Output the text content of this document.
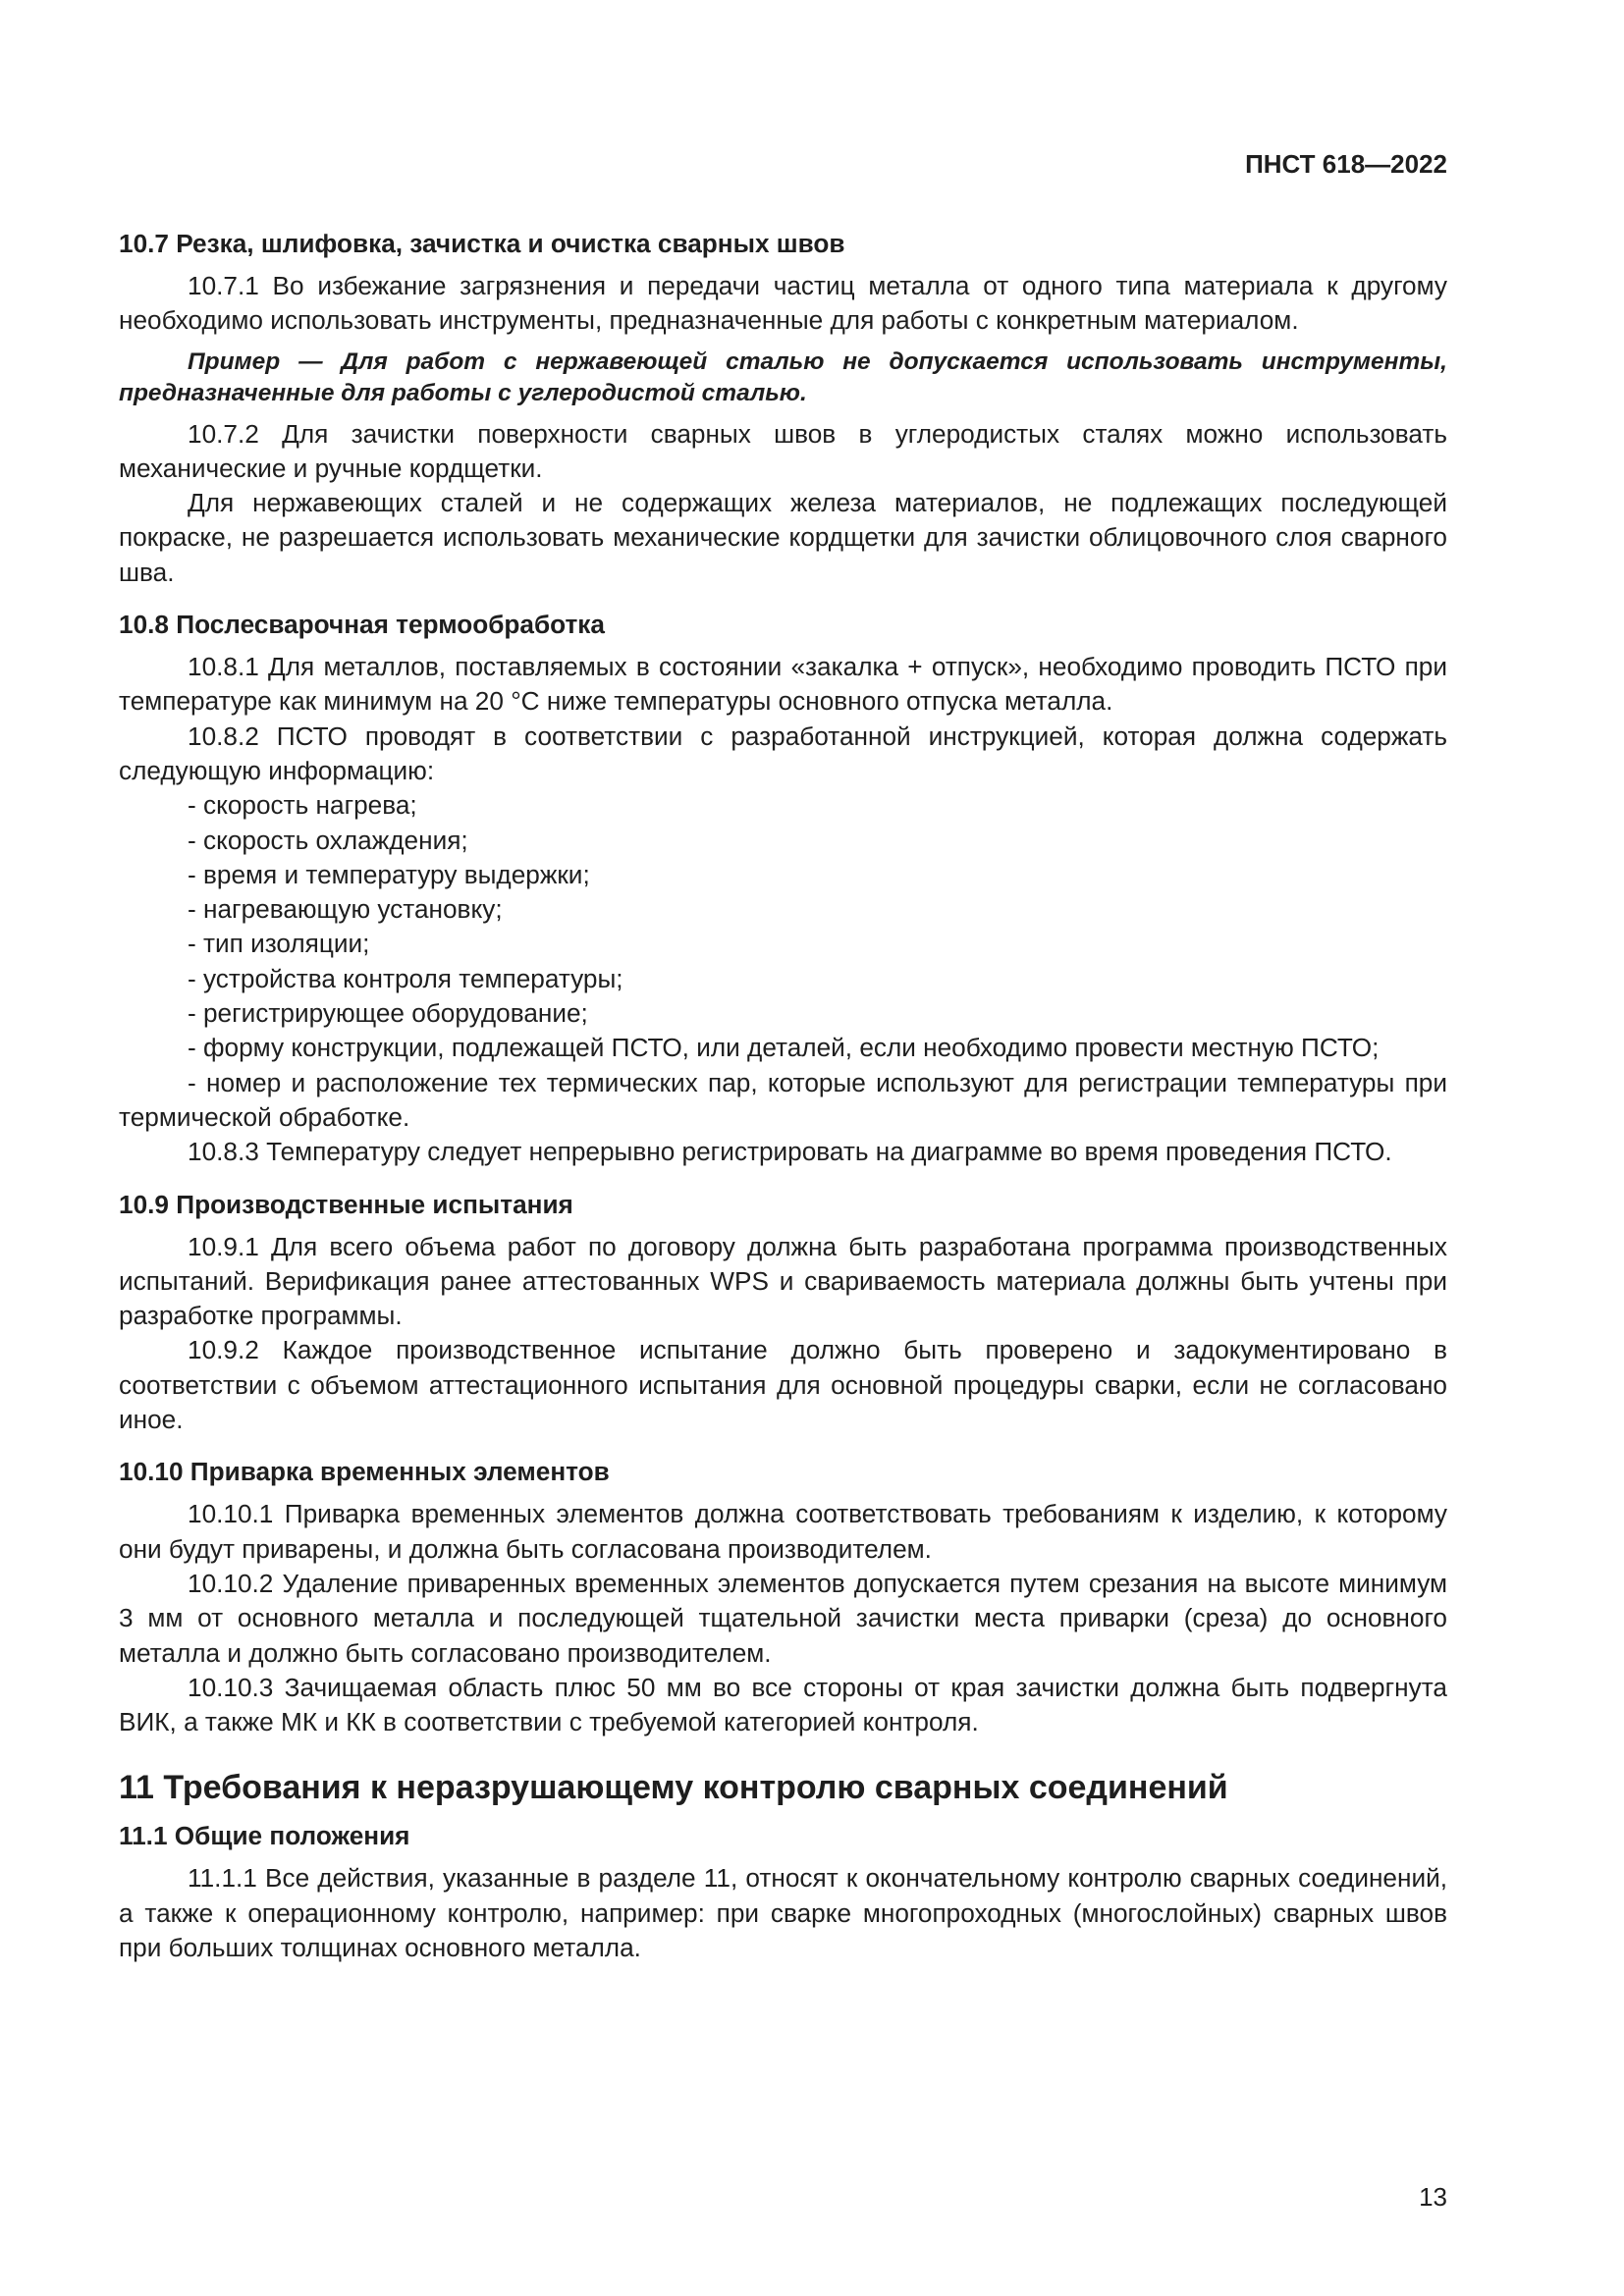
ПНСТ 618—2022

10.7 Резка, шлифовка, зачистка и очистка сварных швов

10.7.1 Во избежание загрязнения и передачи частиц металла от одного типа материала к другому необходимо использовать инструменты, предназначенные для работы с конкретным материалом.

Пример — Для работ с нержавеющей сталью не допускается использовать инструменты, предназначенные для работы с углеродистой сталью.

10.7.2 Для зачистки поверхности сварных швов в углеродистых сталях можно использовать механические и ручные кордщетки.

Для нержавеющих сталей и не содержащих железа материалов, не подлежащих последующей покраске, не разрешается использовать механические кордщетки для зачистки облицовочного слоя сварного шва.

10.8 Послесварочная термообработка

10.8.1 Для металлов, поставляемых в состоянии «закалка + отпуск», необходимо проводить ПСТО при температуре как минимум на 20 °С ниже температуры основного отпуска металла.

10.8.2 ПСТО проводят в соответствии с разработанной инструкцией, которая должна содержать следующую информацию:

- скорость нагрева;
- скорость охлаждения;
- время и температуру выдержки;
- нагревающую установку;
- тип изоляции;
- устройства контроля температуры;
- регистрирующее оборудование;
- форму конструкции, подлежащей ПСТО, или деталей, если необходимо провести местную ПСТО;
- номер и расположение тех термических пар, которые используют для регистрации температуры при термической обработке.

10.8.3 Температуру следует непрерывно регистрировать на диаграмме во время проведения ПСТО.

10.9 Производственные испытания

10.9.1 Для всего объема работ по договору должна быть разработана программа производственных испытаний. Верификация ранее аттестованных WPS и свариваемость материала должны быть учтены при разработке программы.

10.9.2 Каждое производственное испытание должно быть проверено и задокументировано в соответствии с объемом аттестационного испытания для основной процедуры сварки, если не согласовано иное.

10.10 Приварка временных элементов

10.10.1 Приварка временных элементов должна соответствовать требованиям к изделию, к которому они будут приварены, и должна быть согласована производителем.

10.10.2 Удаление приваренных временных элементов допускается путем срезания на высоте минимум 3 мм от основного металла и последующей тщательной зачистки места приварки (среза) до основного металла и должно быть согласовано производителем.

10.10.3 Зачищаемая область плюс 50 мм во все стороны от края зачистки должна быть подвергнута ВИК, а также МК и КК в соответствии с требуемой категорией контроля.

11 Требования к неразрушающему контролю сварных соединений

11.1 Общие положения

11.1.1 Все действия, указанные в разделе 11, относят к окончательному контролю сварных соединений, а также к операционному контролю, например: при сварке многопроходных (многослойных) сварных швов при больших толщинах основного металла.

13
